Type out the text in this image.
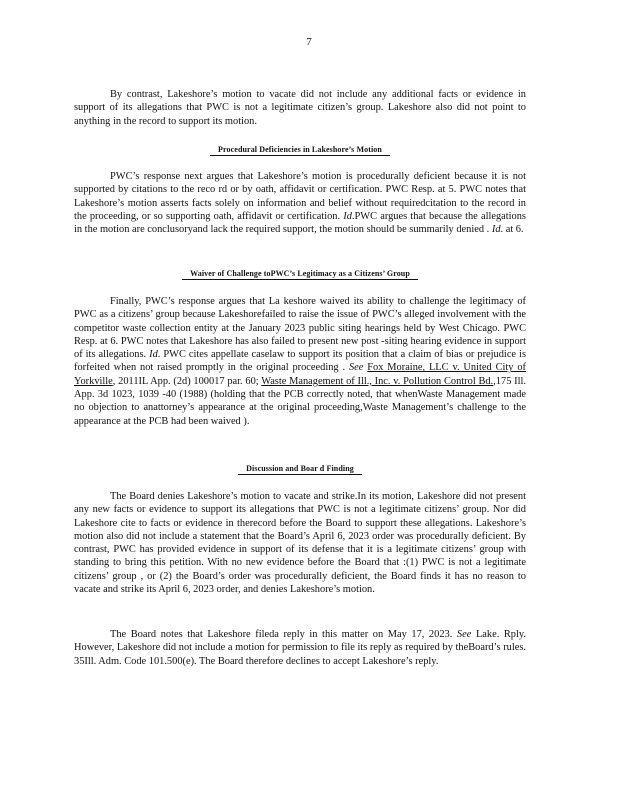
7

By contrast, Lakeshore’s motion to vacate did not include any additional facts or evidence in support of its allegations that PWC is not a legitimate citizen’s group. Lakeshore also did not point to anything in the record to support its motion.

Procedural Deficiencies in Lakeshore’s Motion

PWC’s response next argues that Lakeshore’s motion is procedurally deficient because it is not supported by citations to the reco rd or by oath, affidavit or certification. PWC Resp. at 5. PWC notes that Lakeshore’s motion asserts facts solely on information and belief without requiredcitation to the record in the proceeding, or so supporting oath, affidavit or certification. Id.PWC argues that because the allegations in the motion are conclusoryand lack the required support, the motion should be summarily denied . Id. at 6.

Waiver of Challenge toPWC’s Legitimacy as a Citizens’ Group

Finally, PWC’s response argues that La keshore waived its ability to challenge the legitimacy of PWC as a citizens’ group because Lakeshorefailed to raise the issue of PWC’s alleged involvement with the competitor waste collection entity at the January 2023 public siting hearings held by West Chicago. PWC Resp. at 6. PWC notes that Lakeshore has also failed to present new post -siting hearing evidence in support of its allegations. Id. PWC cites appellate caselaw to support its position that a claim of bias or prejudice is forfeited when not raised promptly in the original proceeding . See Fox Moraine, LLC v. United City of Yorkville, 2011IL App. (2d) 100017 par. 60; Waste Management of Ill., Inc. v. Pollution Control Bd.,175 Ill. App. 3d 1023, 1039 -40 (1988) (holding that the PCB correctly noted, that whenWaste Management made no objection to anattorney’s appearance at the original proceeding,Waste Management’s challenge to the appearance at the PCB had been waived ).

Discussion and Boar d Finding

The Board denies Lakeshore’s motion to vacate and strike.In its motion, Lakeshore did not present any new facts or evidence to support its allegations that PWC is not a legitimate citizens’ group. Nor did Lakeshore cite to facts or evidence in therecord before the Board to support these allegations. Lakeshore’s motion also did not include a statement that the Board’s April 6, 2023 order was procedurally deficient. By contrast, PWC has provided evidence in support of its defense that it is a legitimate citizens’ group with standing to bring this petition. With no new evidence before the Board that :(1) PWC is not a legitimate citizens’ group , or (2) the Board’s order was procedurally deficient, the Board finds it has no reason to vacate and strike its April 6, 2023 order, and denies Lakeshore’s motion.

The Board notes that Lakeshore fileda reply in this matter on May 17, 2023. See Lake. Rply. However, Lakeshore did not include a motion for permission to file its reply as required by theBoard’s rules. 35Ill. Adm. Code 101.500(e). The Board therefore declines to accept Lakeshore’s reply.
